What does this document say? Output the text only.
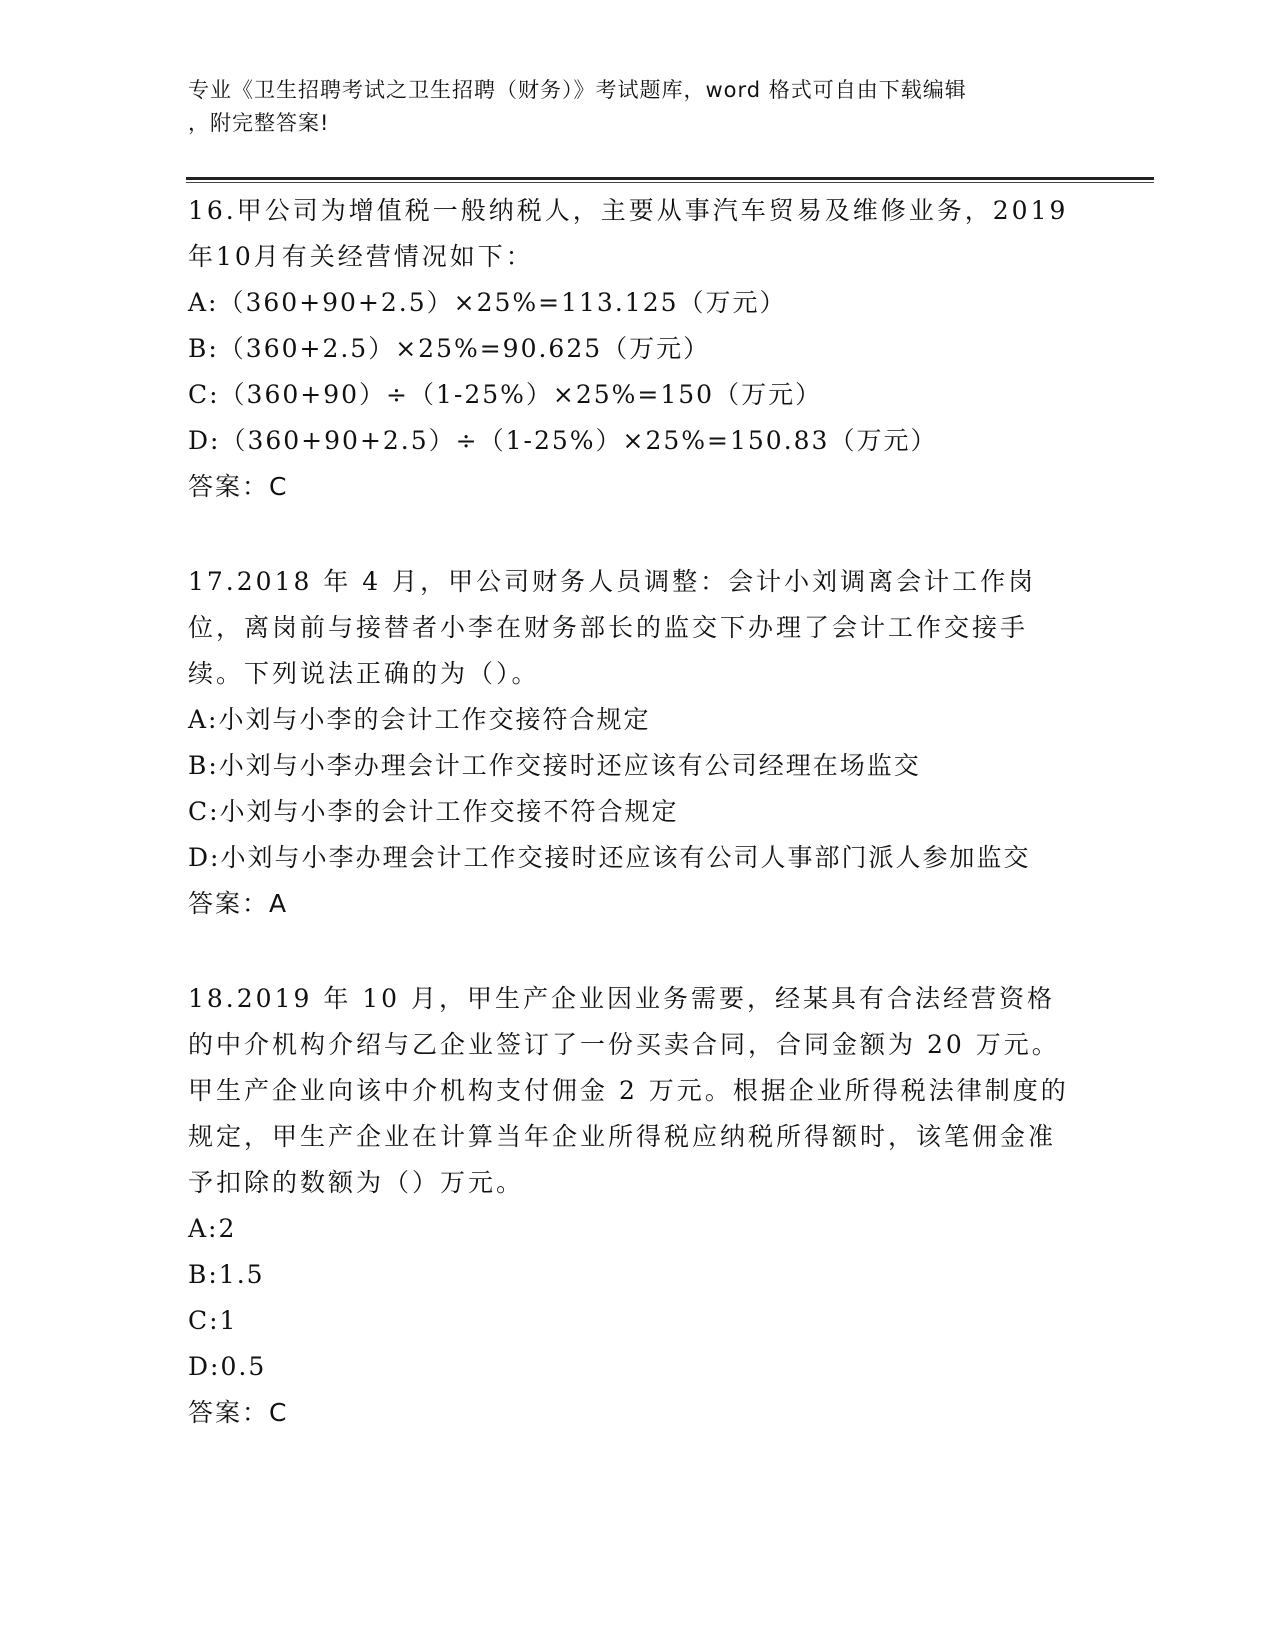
专业《卫生招聘考试之卫生招聘（财务）》考试题库，word 格式可自由下载编辑
，附完整答案!
16.甲公司为增值税一般纳税人，主要从事汽车贸易及维修业务，2019年10月有关经营情况如下：
A:（360+90+2.5）×25%=113.125（万元）
B:（360+2.5）×25%=90.625（万元）
C:（360+90）÷（1-25%）×25%=150（万元）
D:（360+90+2.5）÷（1-25%）×25%=150.83（万元）
答案：C
17.2018 年 4 月，甲公司财务人员调整：会计小刘调离会计工作岗位，离岗前与接替者小李在财务部长的监交下办理了会计工作交接手续。下列说法正确的为（）。
A:小刘与小李的会计工作交接符合规定
B:小刘与小李办理会计工作交接时还应该有公司经理在场监交
C:小刘与小李的会计工作交接不符合规定
D:小刘与小李办理会计工作交接时还应该有公司人事部门派人参加监交
答案：A
18.2019 年 10 月，甲生产企业因业务需要，经某具有合法经营资格的中介机构介绍与乙企业签订了一份买卖合同，合同金额为 20 万元。甲生产企业向该中介机构支付佣金 2 万元。根据企业所得税法律制度的规定，甲生产企业在计算当年企业所得税应纳税所得额时，该笔佣金准予扣除的数额为（）万元。
A:2
B:1.5
C:1
D:0.5
答案：C
